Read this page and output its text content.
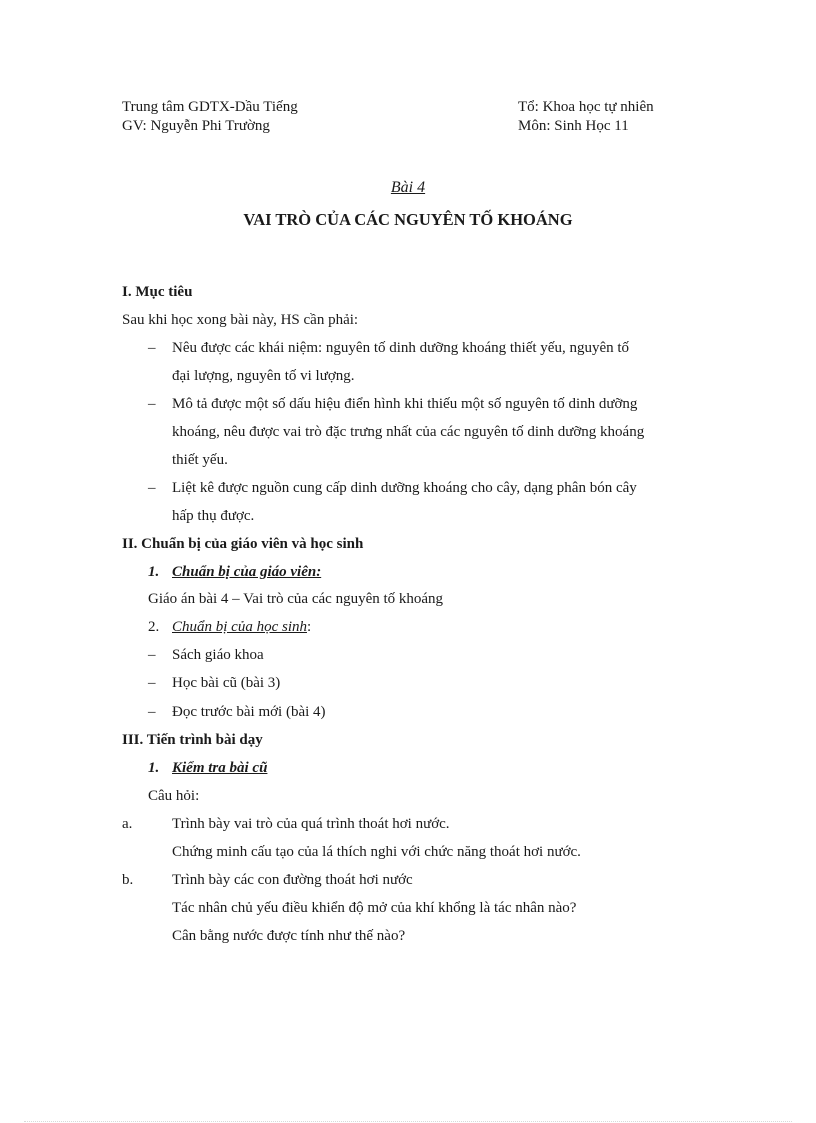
Trung tâm GDTX-Dầu Tiếng
GV: Nguyễn Phi Trường
Tổ: Khoa học tự nhiên
Môn: Sinh Học 11
Bài 4
VAI TRÒ CỦA CÁC NGUYÊN TỐ KHOÁNG
I. Mục tiêu
Sau khi học xong bài này, HS cần phải:
– Nêu được các khái niệm: nguyên tố dinh dưỡng khoáng thiết yếu, nguyên tố
đại lượng, nguyên tố vi lượng.
– Mô tả được một số dấu hiệu điển hình khi thiếu một số nguyên tố dinh dưỡng
khoáng, nêu được vai trò đặc trưng nhất của các nguyên tố dinh dưỡng khoáng
thiết yếu.
– Liệt kê được nguồn cung cấp dinh dưỡng khoáng cho cây, dạng phân bón cây
hấp thụ được.
II. Chuẩn bị của giáo viên và học sinh
1. Chuẩn bị của giáo viên:
Giáo án bài 4 – Vai trò của các nguyên tố khoáng
2. Chuẩn bị của học sinh:
– Sách giáo khoa
– Học bài cũ (bài 3)
– Đọc trước bài mới (bài 4)
III. Tiến trình bài dạy
1. Kiểm tra bài cũ
Câu hỏi:
a.	Trình bày vai trò của quá trình thoát hơi nước.
Chứng minh cấu tạo của lá thích nghi với chức năng thoát hơi nước.
b.	Trình bày các con đường thoát hơi nước
Tác nhân chủ yếu điều khiển độ mở của khí khổng là tác nhân nào?
Cân bằng nước được tính như thế nào?
